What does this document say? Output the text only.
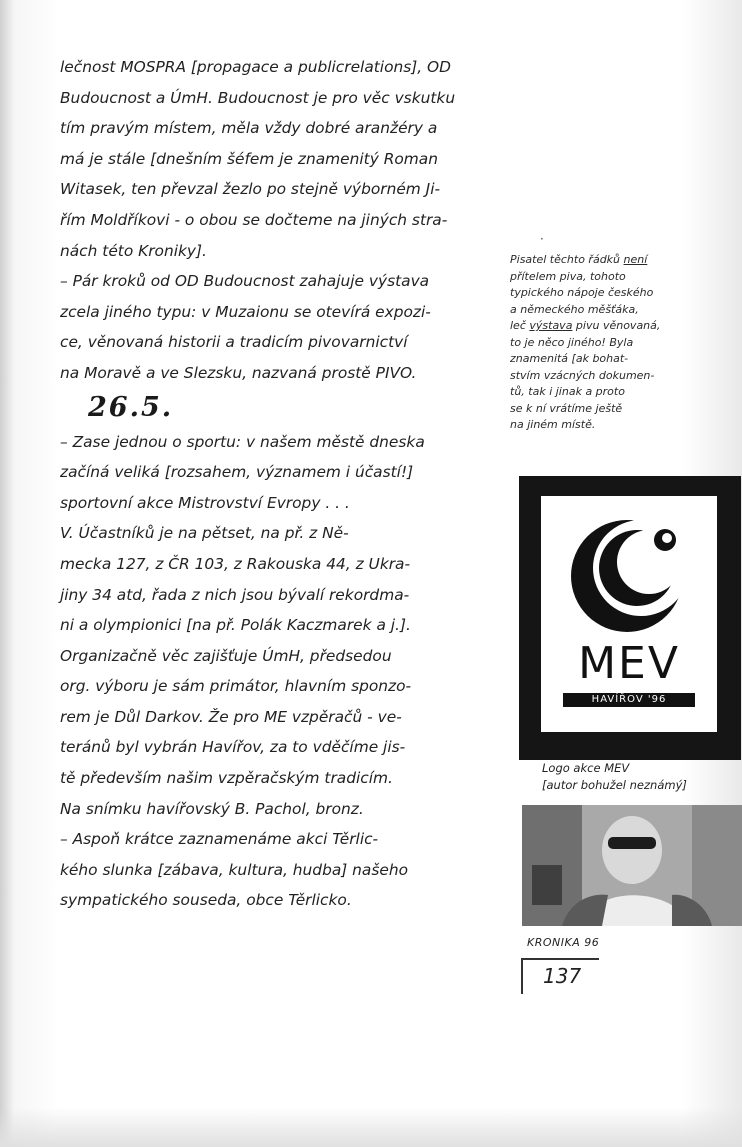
lečnost MOSPRA [propagace a publicrelations], OD
Budoucnost a ÚmH. Budoucnost je pro věc vskutku
tím pravým místem, měla vždy dobré aranžéry a
má je stále [dnešním šéfem je znamenitý Roman
Witasek, ten převzal žezlo po stejně výborném Ji-
řím Moldříkovi - o obou se dočteme na jiných stra-
nách této Kroniky].
– Pár kroků od OD Budoucnost zahajuje výstava
zcela jiného typu: v Muzaionu se otevírá expozi-
ce, věnovaná historii a tradicím pivovarnictví
na Moravě a ve Slezsku, nazvaná prostě PIVO.
26.5.
– Zase jednou o sportu: v našem městě dneska
začíná veliká [rozsahem, významem i účastí!]
sportovní akce Mistrovství Evropy . . .
V. Účastníků je na pětset, na př. z Ně-
mecka 127, z ČR 103, z Rakouska 44, z Ukra-
jiny 34 atd, řada z nich jsou bývalí rekordma-
ni a olympionici [na př. Polák Kaczmarek a j.].
Organizačně věc zajišťuje ÚmH, předsedou
org. výboru je sám primátor, hlavním sponzo-
rem je Důl Darkov. Že pro ME vzpěračů - ve-
teránů byl vybrán Havířov, za to vděčíme jis-
tě především našim vzpěračským tradicím.
Na snímku havířovský B. Pachol, bronz.
– Aspoň krátce zaznamenáme akci Těrlic-
kého slunka [zábava, kultura, hudba] našeho
sympatického souseda, obce Těrlicko.
·
Pisatel těchto řádků není
přítelem piva, tohoto
typického nápoje českého
a německého měšťáka,
leč výstava pivu věnovaná,
to je něco jiného! Byla
znamenitá [ak bohat-
stvím vzácných dokumen-
tů, tak i jinak a proto
se k ní vrátíme ještě
na jiném místě.
MEV
HAVÍŘOV '96
Logo akce MEV
[autor bohužel neznámý]
KRONIKA 96
137
